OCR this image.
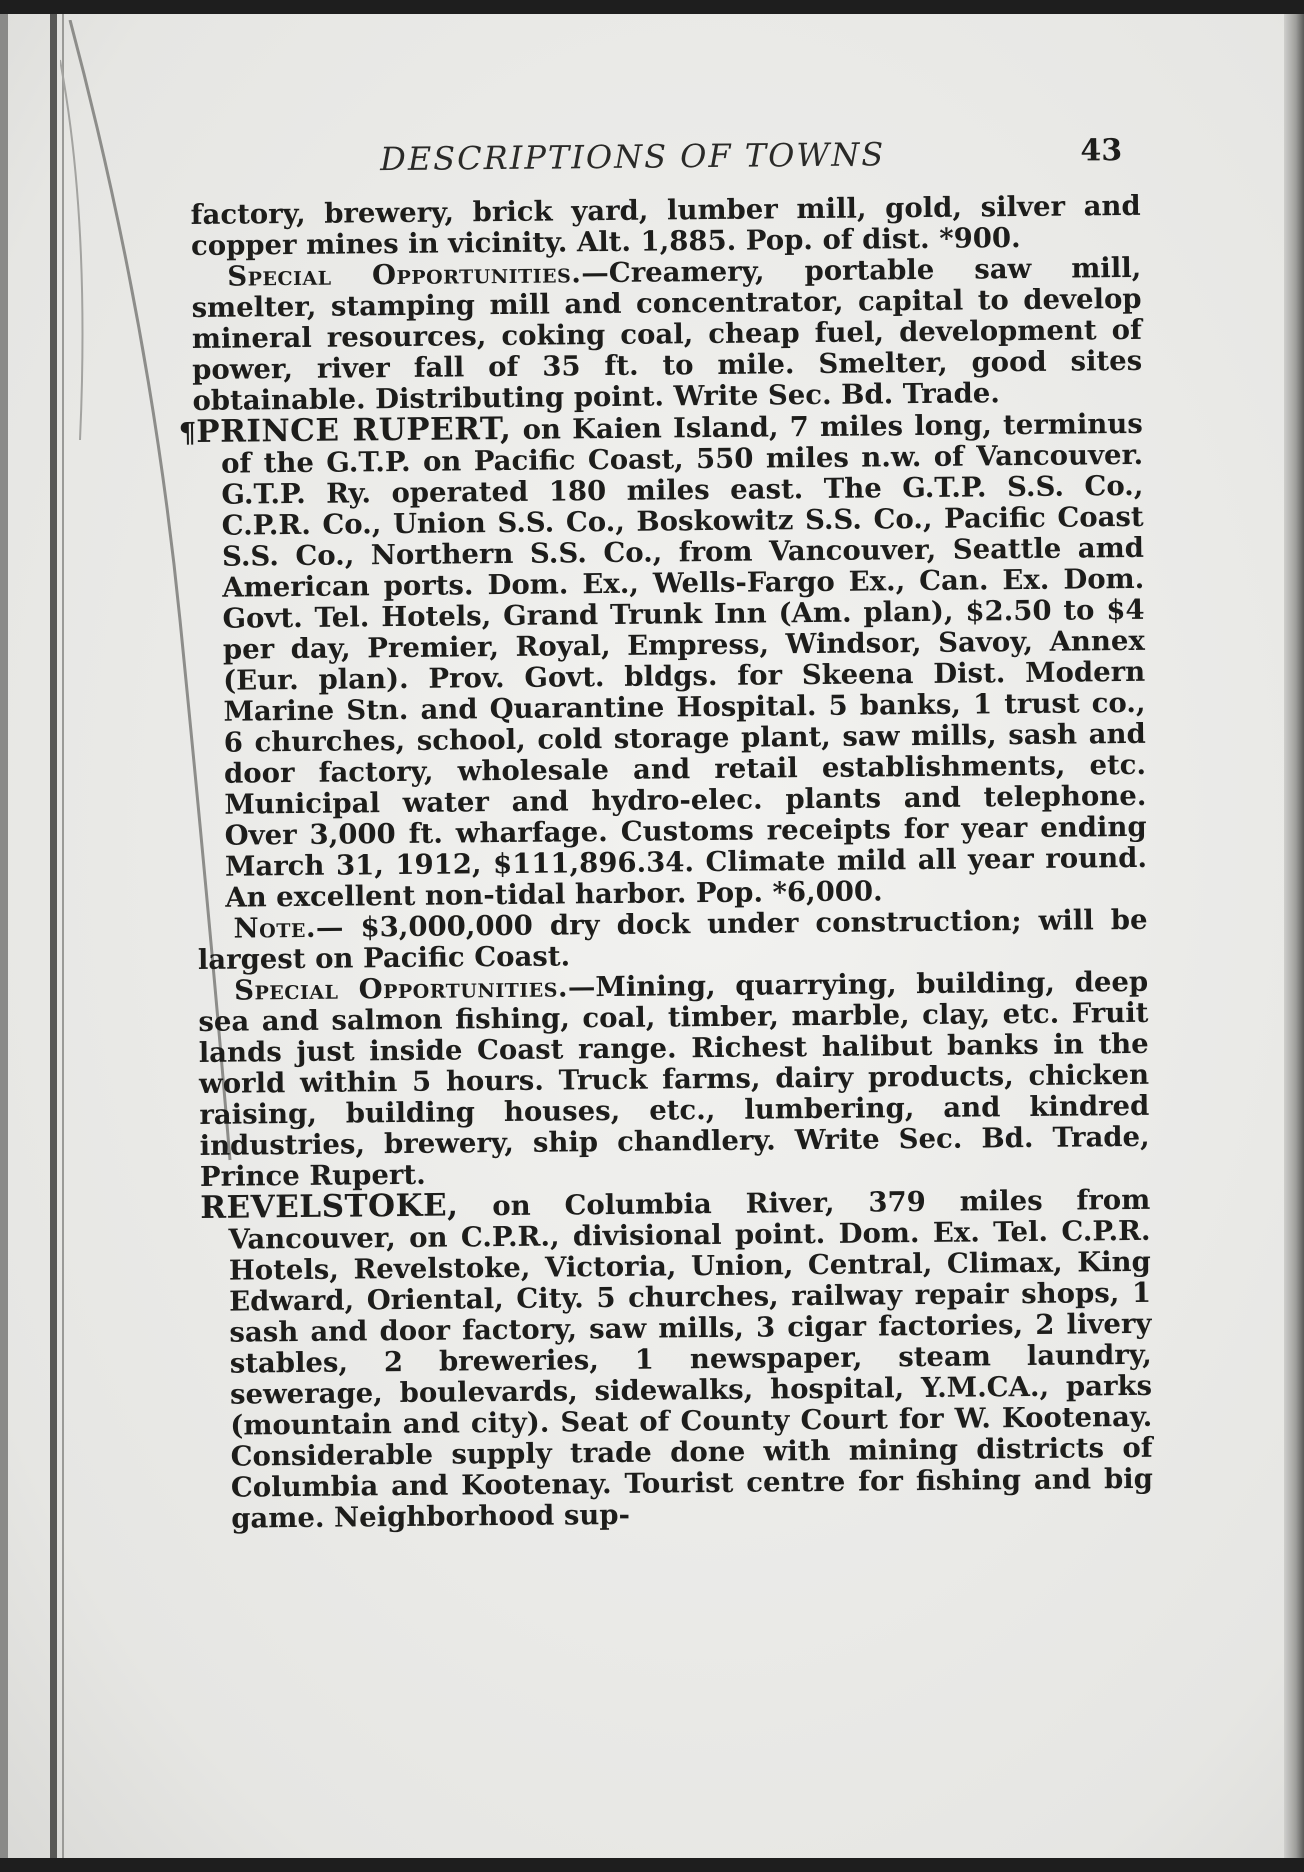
DESCRIPTIONS OF TOWNS	43

factory, brewery, brick yard, lumber mill, gold, silver and copper mines in vicinity. Alt. 1,885. Pop. of dist. *900.

Special Opportunities.—Creamery, portable saw mill, smelter, stamping mill and concentrator, capital to develop mineral resources, coking coal, cheap fuel, development of power, river fall of 35 ft. to mile. Smelter, good sites obtainable. Distributing point. Write Sec. Bd. Trade.

¶PRINCE RUPERT, on Kaien Island, 7 miles long, terminus of the G.T.P. on Pacific Coast, 550 miles n.w. of Vancouver. G.T.P. Ry. operated 180 miles east. The G.T.P. S.S. Co., C.P.R. Co., Union S.S. Co., Boskowitz S.S. Co., Pacific Coast S.S. Co., Northern S.S. Co., from Vancouver, Seattle amd American ports. Dom. Ex., Wells-Fargo Ex., Can. Ex. Dom. Govt. Tel. Hotels, Grand Trunk Inn (Am. plan), $2.50 to $4 per day, Premier, Royal, Empress, Windsor, Savoy, Annex (Eur. plan). Prov. Govt. bldgs. for Skeena Dist. Modern Marine Stn. and Quarantine Hospital. 5 banks, 1 trust co., 6 churches, school, cold storage plant, saw mills, sash and door factory, wholesale and retail establishments, etc. Municipal water and hydro-elec. plants and telephone. Over 3,000 ft. wharfage. Customs receipts for year ending March 31, 1912, $111,896.34. Climate mild all year round. An excellent non-tidal harbor. Pop. *6,000.

Note.— $3,000,000 dry dock under construction; will be largest on Pacific Coast.

Special Opportunities.—Mining, quarrying, building, deep sea and salmon fishing, coal, timber, marble, clay, etc. Fruit lands just inside Coast range. Richest halibut banks in the world within 5 hours. Truck farms, dairy products, chicken raising, building houses, etc., lumbering, and kindred industries, brewery, ship chandlery. Write Sec. Bd. Trade, Prince Rupert.

REVELSTOKE, on Columbia River, 379 miles from Vancouver, on C.P.R., divisional point. Dom. Ex. Tel. C.P.R. Hotels, Revelstoke, Victoria, Union, Central, Climax, King Edward, Oriental, City. 5 churches, railway repair shops, 1 sash and door factory, saw mills, 3 cigar factories, 2 livery stables, 2 breweries, 1 newspaper, steam laundry, sewerage, boulevards, sidewalks, hospital, Y.M.CA., parks (mountain and city). Seat of County Court for W. Kootenay. Considerable supply trade done with mining districts of Columbia and Kootenay. Tourist centre for fishing and big game. Neighborhood sup-
